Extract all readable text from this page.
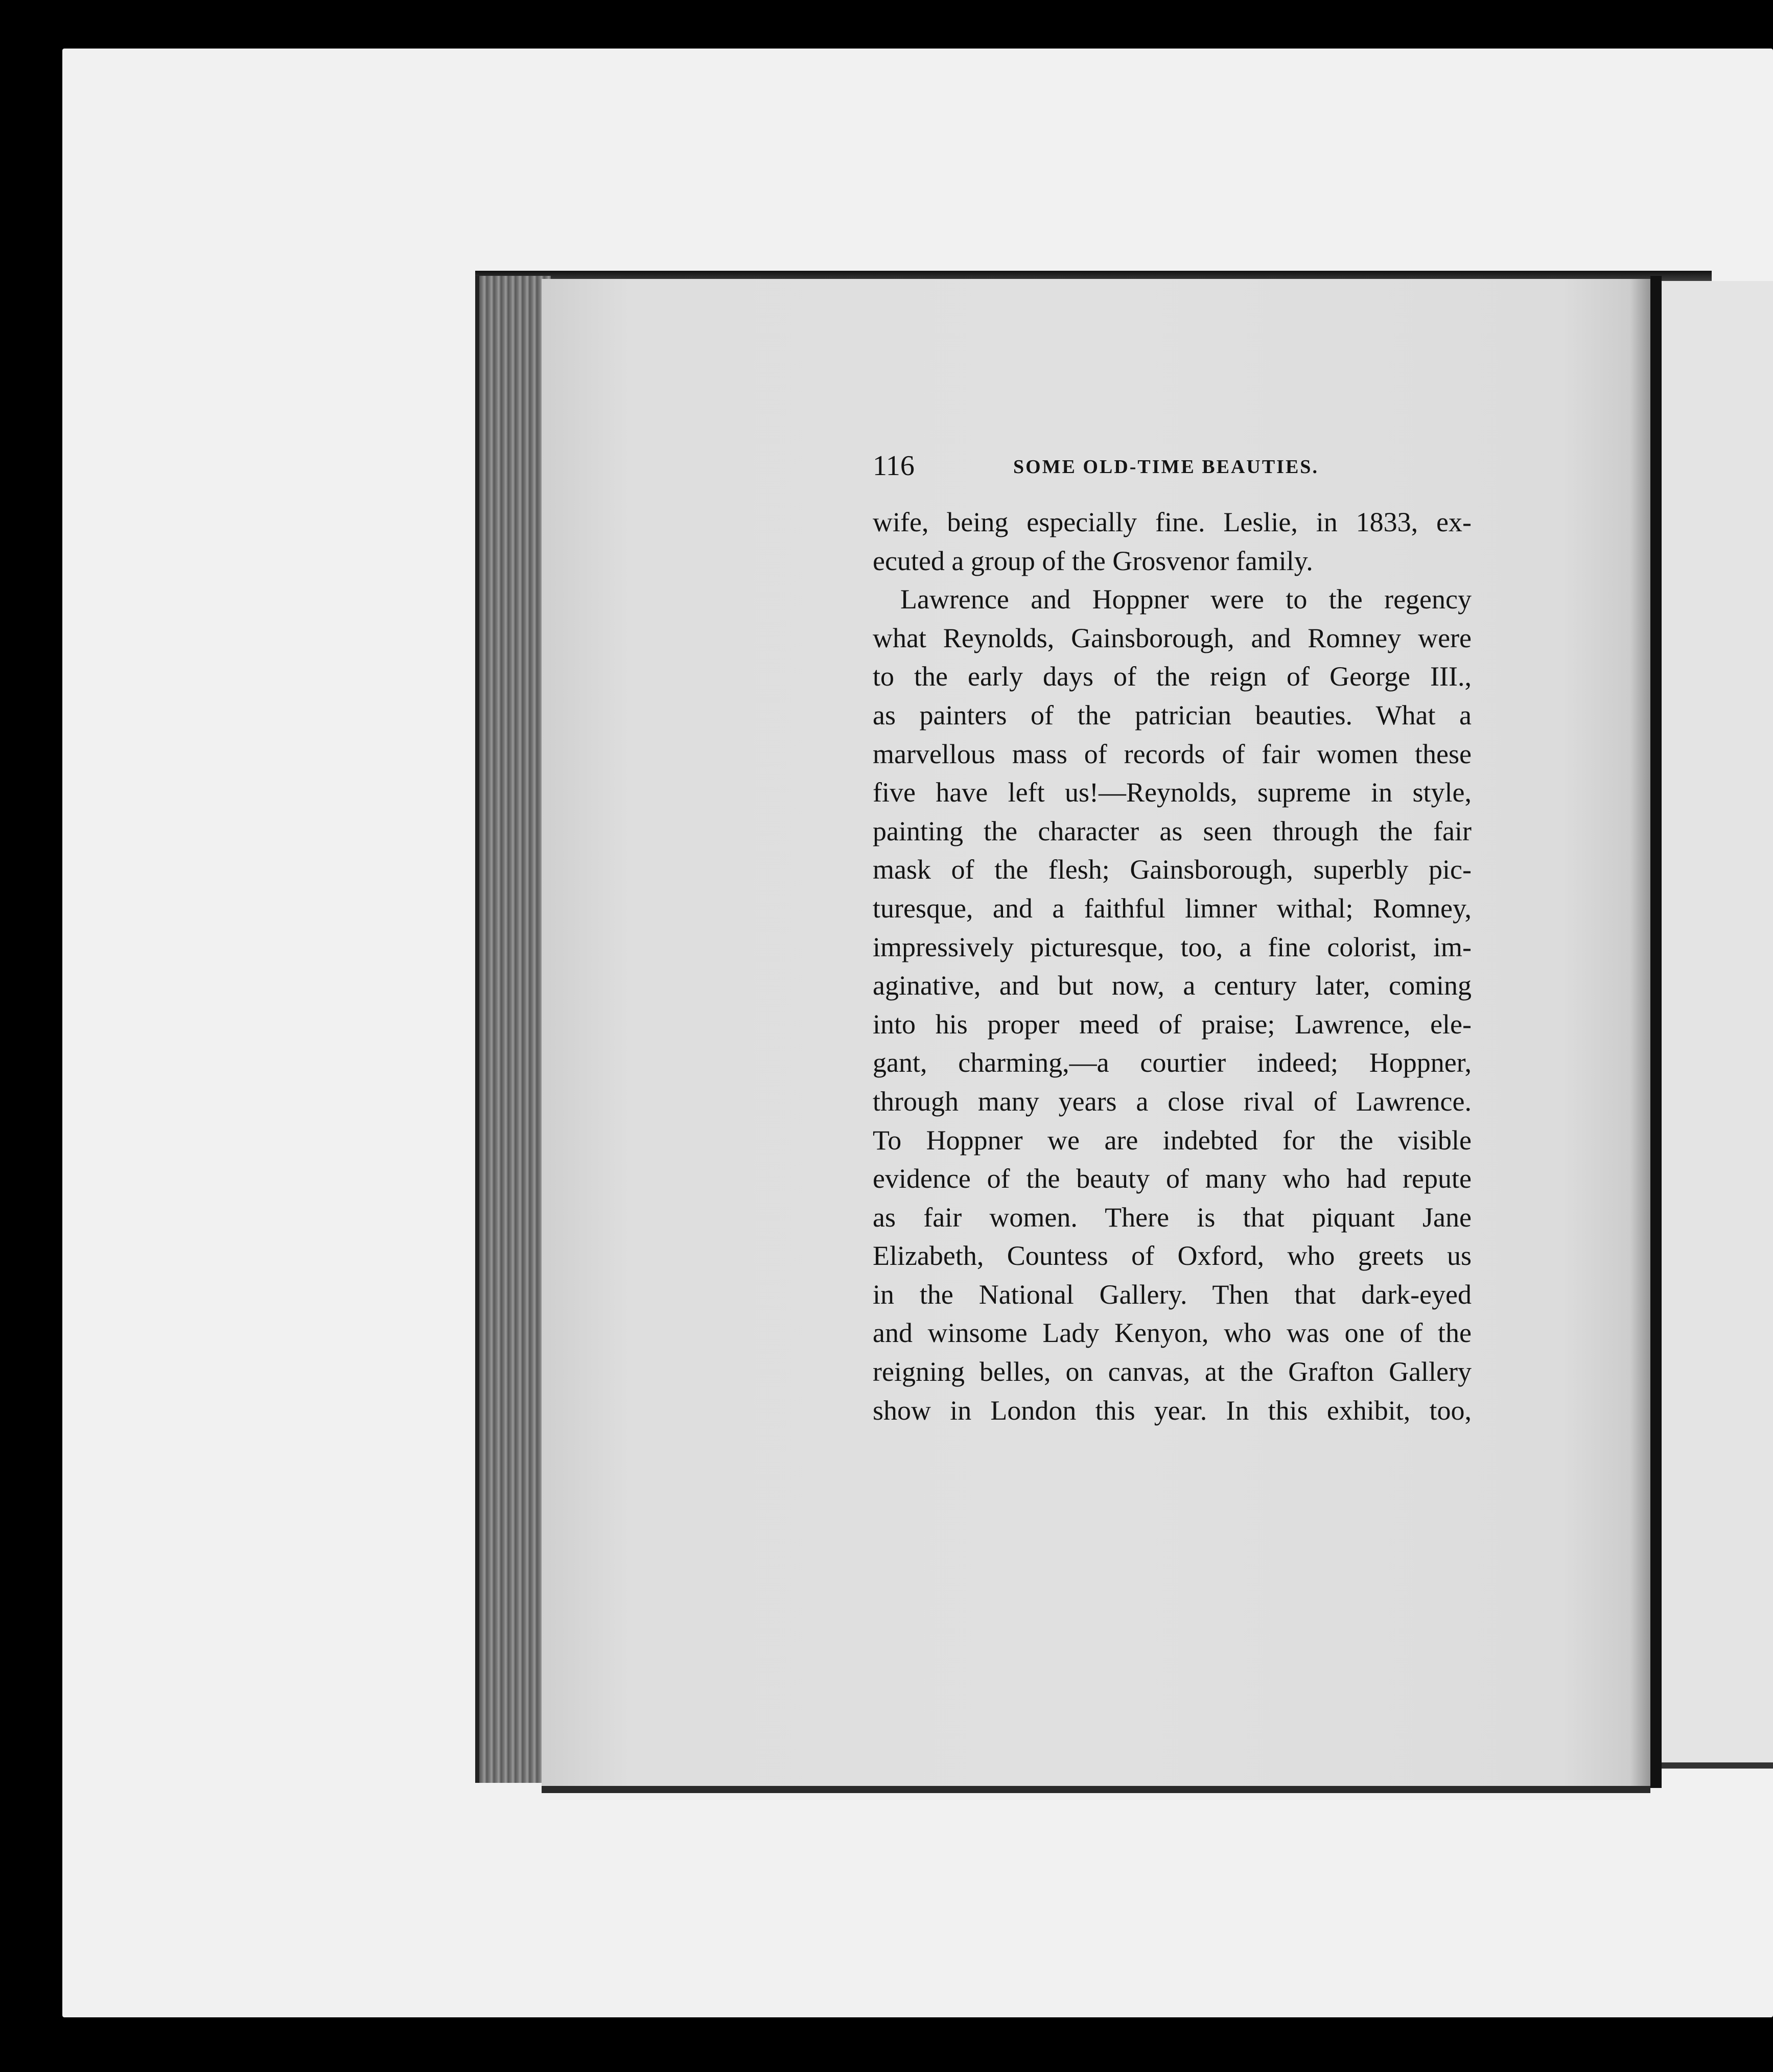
116	SOME OLD-TIME BEAUTIES.
wife, being especially fine. Leslie, in 1833, ex-
ecuted a group of the Grosvenor family.
Lawrence and Hoppner were to the regency
what Reynolds, Gainsborough, and Romney were
to the early days of the reign of George III.,
as painters of the patrician beauties. What a
marvellous mass of records of fair women these
five have left us!—Reynolds, supreme in style,
painting the character as seen through the fair
mask of the flesh; Gainsborough, superbly pic-
turesque, and a faithful limner withal; Romney,
impressively picturesque, too, a fine colorist, im-
aginative, and but now, a century later, coming
into his proper meed of praise; Lawrence, ele-
gant, charming,—a courtier indeed; Hoppner,
through many years a close rival of Lawrence.
To Hoppner we are indebted for the visible
evidence of the beauty of many who had repute
as fair women. There is that piquant Jane
Elizabeth, Countess of Oxford, who greets us
in the National Gallery. Then that dark-eyed
and winsome Lady Kenyon, who was one of the
reigning belles, on canvas, at the Grafton Gallery
show in London this year. In this exhibit, too,
